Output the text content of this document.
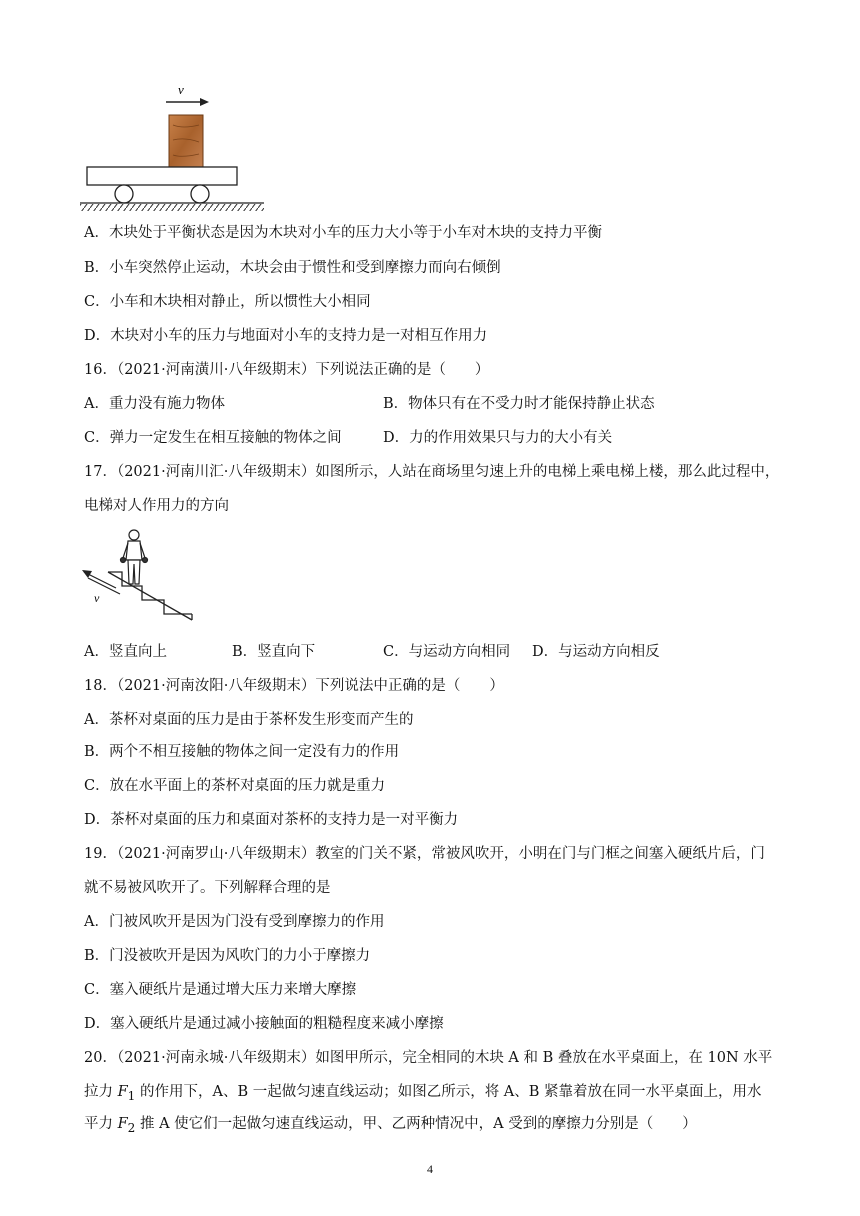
v
A．木块处于平衡状态是因为木块对小车的压力大小等于小车对木块的支持力平衡
B．小车突然停止运动，木块会由于惯性和受到摩擦力而向右倾倒
C．小车和木块相对静止，所以惯性大小相同
D．木块对小车的压力与地面对小车的支持力是一对相互作用力
16．（2021·河南潢川·八年级期末）下列说法正确的是（　　）
A．重力没有施力物体	B．物体只有在不受力时才能保持静止状态
C．弹力一定发生在相互接触的物体之间	D．力的作用效果只与力的大小有关
17．（2021·河南川汇·八年级期末）如图所示，人站在商场里匀速上升的电梯上乘电梯上楼，那么此过程中，
电梯对人作用力的方向
v
A．竖直向上	B．竖直向下	C．与运动方向相同 D．与运动方向相反
18．（2021·河南汝阳·八年级期末）下列说法中正确的是（　　）
A．茶杯对桌面的压力是由于茶杯发生形变而产生的
B．两个不相互接触的物体之间一定没有力的作用
C．放在水平面上的茶杯对桌面的压力就是重力
D．茶杯对桌面的压力和桌面对茶杯的支持力是一对平衡力
19．（2021·河南罗山·八年级期末）教室的门关不紧，常被风吹开，小明在门与门框之间塞入硬纸片后，门
就不易被风吹开了。下列解释合理的是
A．门被风吹开是因为门没有受到摩擦力的作用
B．门没被吹开是因为风吹门的力小于摩擦力
C．塞入硬纸片是通过增大压力来增大摩擦
D．塞入硬纸片是通过减小接触面的粗糙程度来减小摩擦
20．（2021·河南永城·八年级期末）如图甲所示，完全相同的木块 A 和 B 叠放在水平桌面上，在 10N 水平
拉力 $F_1$ 的作用下，A、B 一起做匀速直线运动；如图乙所示，将 A、B 紧靠着放在同一水平桌面上，用水
平力 $F_2$ 推 A 使它们一起做匀速直线运动，甲、乙两种情况中，A 受到的摩擦力分别是（　　）
4
